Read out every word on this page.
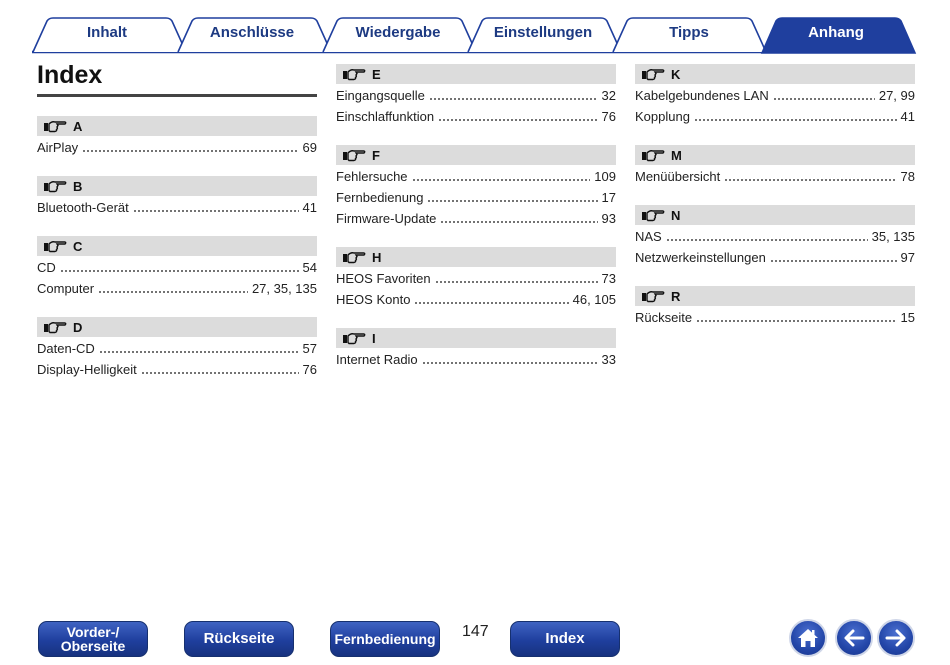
Inhalt	Anschlüsse	Wiedergabe	Einstellungen	Tipps	Anhang
Index
A
AirPlay	69
B
Bluetooth-Gerät	41
C
CD	54
Computer	27, 35, 135
D
Daten-CD	57
Display-Helligkeit	76
E
Eingangsquelle	32
Einschlaffunktion	76
F
Fehlersuche	109
Fernbedienung	17
Firmware-Update	93
H
HEOS Favoriten	73
HEOS Konto	46, 105
I
Internet Radio	33
K
Kabelgebundenes LAN	27, 99
Kopplung	41
M
Menüübersicht	78
N
NAS	35, 135
Netzwerkeinstellungen	97
R
Rückseite	15
Vorder-/
Oberseite	Rückseite	Fernbedienung 147	Index
